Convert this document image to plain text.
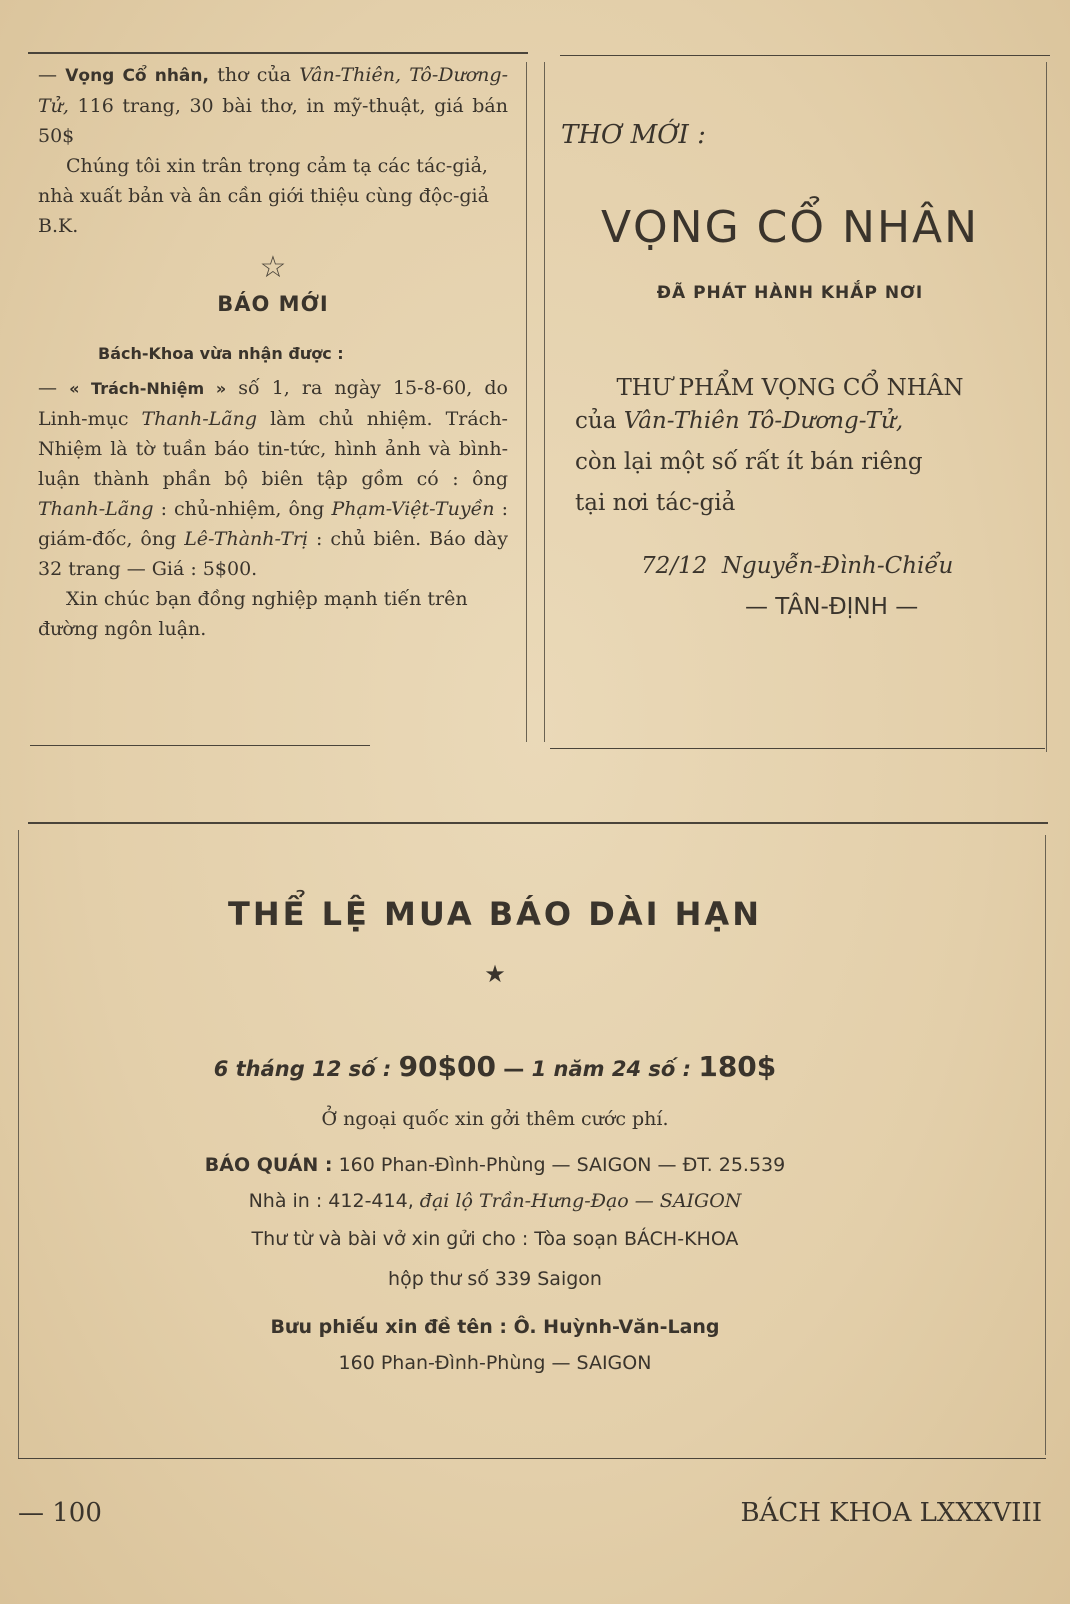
— Vọng Cổ nhân, thơ của Vân-Thiên, Tô-Dương-Tử, 116 trang, 30 bài thơ, in mỹ-thuật, giá bán 50$

Chúng tôi xin trân trọng cảm tạ các tác-giả, nhà xuất bản và ân cần giới thiệu cùng độc-giả B.K.

☆
BÁO MỚI

Bách-Khoa vừa nhận được :

— « Trách-Nhiệm » số 1, ra ngày 15-8-60, do Linh-mục Thanh-Lãng làm chủ nhiệm. Trách-Nhiệm là tờ tuần báo tin-tức, hình ảnh và bình-luận thành phần bộ biên tập gồm có : ông Thanh-Lãng : chủ-nhiệm, ông Phạm-Việt-Tuyền : giám-đốc, ông Lê-Thành-Trị : chủ biên. Báo dày 32 trang — Giá : 5$00.

Xin chúc bạn đồng nghiệp mạnh tiến trên đường ngôn luận.

THƠ MỚI :
VỌNG CỔ NHÂN
ĐÃ PHÁT HÀNH KHẮP NƠI
THƯ PHẨM VỌNG CỔ NHÂN
của Vân-Thiên Tô-Dương-Tử,
còn lại một số rất ít bán riêng
tại nơi tác-giả
72/12 Nguyễn-Đình-Chiểu
— TÂN-ĐỊNH —
THỂ LỆ MUA BÁO DÀI HẠN
★
6 tháng 12 số : 90$00 — 1 năm 24 số : 180$
Ở ngoại quốc xin gởi thêm cước phí.
BÁO QUÁN : 160 Phan-Đình-Phùng — SAIGON — ĐT. 25.539
Nhà in : 412-414, đại lộ Trần-Hưng-Đạo — SAIGON
Thư từ và bài vở xin gửi cho : Tòa soạn BÁCH-KHOA
hộp thư số 339 Saigon
Bưu phiếu xin đề tên : Ô. Huỳnh-Văn-Lang
160 Phan-Đình-Phùng — SAIGON
— 100	BÁCH KHOA LXXXVIII
